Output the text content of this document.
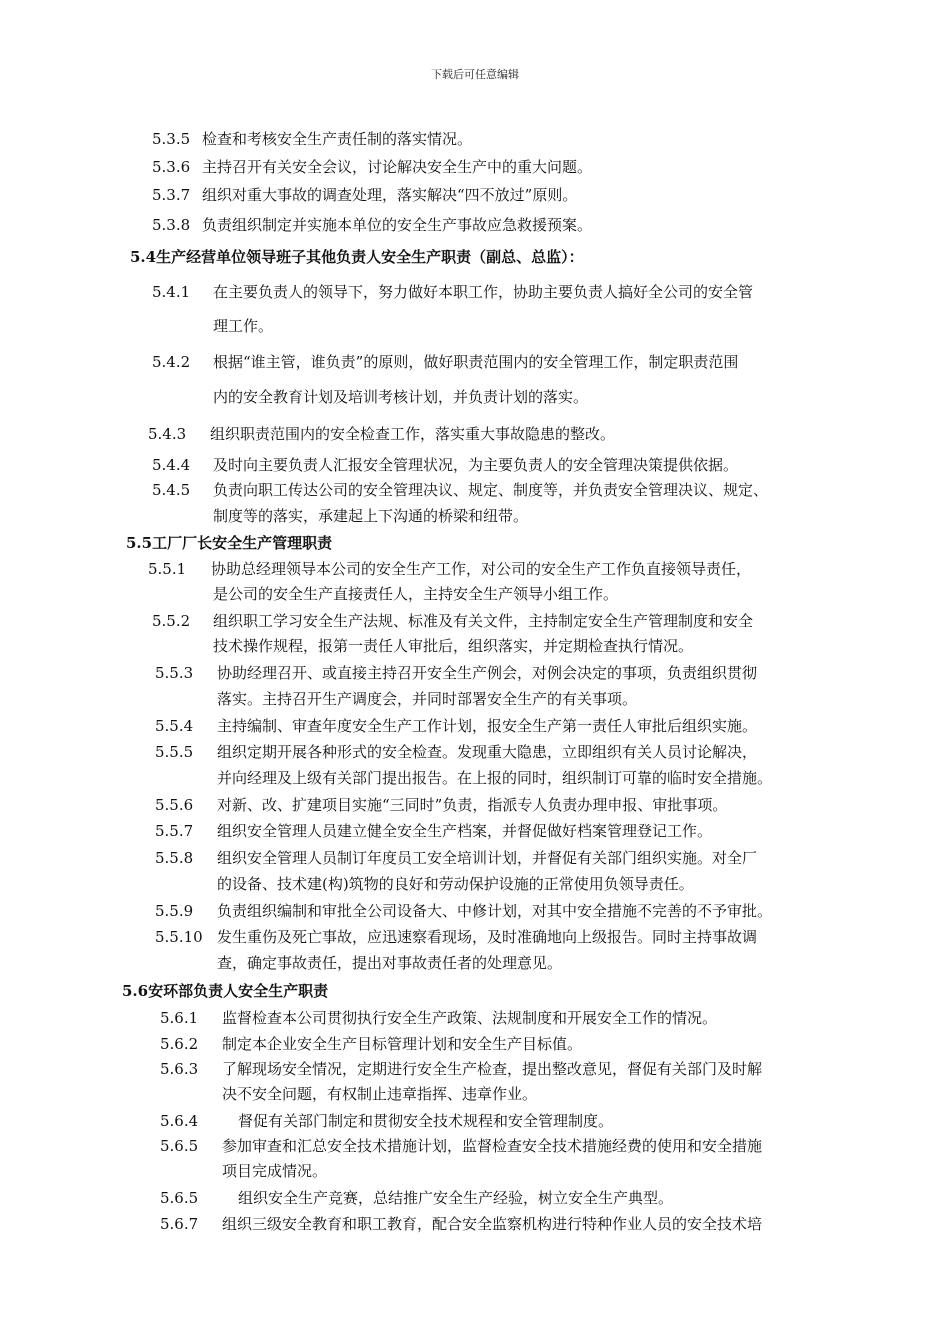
下载后可任意编辑
5.3.5 检查和考核安全生产责任制的落实情况。
5.3.6 主持召开有关安全会议，讨论解决安全生产中的重大问题。
5.3.7 组织对重大事故的调查处理，落实解决“四不放过”原则。
5.3.8 负责组织制定并实施本单位的安全生产事故应急救援预案。
5.4生产经营单位领导班子其他负责人安全生产职责（副总、总监）：
5.4.1 在主要负责人的领导下，努力做好本职工作，协助主要负责人搞好全公司的安全管
理工作。
5.4.2 根据“谁主管，谁负责”的原则，做好职责范围内的安全管理工作，制定职责范围
内的安全教育计划及培训考核计划，并负责计划的落实。
5.4.3 组织职责范围内的安全检查工作，落实重大事故隐患的整改。
5.4.4 及时向主要负责人汇报安全管理状况，为主要负责人的安全管理决策提供依据。
5.4.5 负责向职工传达公司的安全管理决议、规定、制度等，并负责安全管理决议、规定、
制度等的落实，承建起上下沟通的桥梁和纽带。
5.5工厂厂长安全生产管理职责
5.5.1 协助总经理领导本公司的安全生产工作，对公司的安全生产工作负直接领导责任，
是公司的安全生产直接责任人，主持安全生产领导小组工作。
5.5.2 组织职工学习安全生产法规、标准及有关文件，主持制定安全生产管理制度和安全
技术操作规程，报第一责任人审批后，组织落实，并定期检查执行情况。
5.5.3 协助经理召开、或直接主持召开安全生产例会，对例会决定的事项，负责组织贯彻
落实。主持召开生产调度会，并同时部署安全生产的有关事项。
5.5.4 主持编制、审查年度安全生产工作计划，报安全生产第一责任人审批后组织实施。
5.5.5 组织定期开展各种形式的安全检查。发现重大隐患，立即组织有关人员讨论解决，
并向经理及上级有关部门提出报告。在上报的同时，组织制订可靠的临时安全措施。
5.5.6 对新、改、扩建项目实施“三同时”负责，指派专人负责办理申报、审批事项。
5.5.7 组织安全管理人员建立健全安全生产档案，并督促做好档案管理登记工作。
5.5.8 组织安全管理人员制订年度员工安全培训计划，并督促有关部门组织实施。对全厂
的设备、技术建(构)筑物的良好和劳动保护设施的正常使用负领导责任。
5.5.9 负责组织编制和审批全公司设备大、中修计划，对其中安全措施不完善的不予审批。
5.5.10 发生重伤及死亡事故，应迅速察看现场，及时准确地向上级报告。同时主持事故调
查，确定事故责任，提出对事故责任者的处理意见。
5.6安环部负责人安全生产职责
5.6.1 监督检查本公司贯彻执行安全生产政策、法规制度和开展安全工作的情况。
5.6.2 制定本企业安全生产目标管理计划和安全生产目标值。
5.6.3 了解现场安全情况，定期进行安全生产检查，提出整改意见，督促有关部门及时解
决不安全问题，有权制止违章指挥、违章作业。
5.6.4	督促有关部门制定和贯彻安全技术规程和安全管理制度。
5.6.5 参加审查和汇总安全技术措施计划，监督检查安全技术措施经费的使用和安全措施
项目完成情况。
5.6.5	组织安全生产竞赛，总结推广安全生产经验，树立安全生产典型。
5.6.7 组织三级安全教育和职工教育，配合安全监察机构进行特种作业人员的安全技术培
